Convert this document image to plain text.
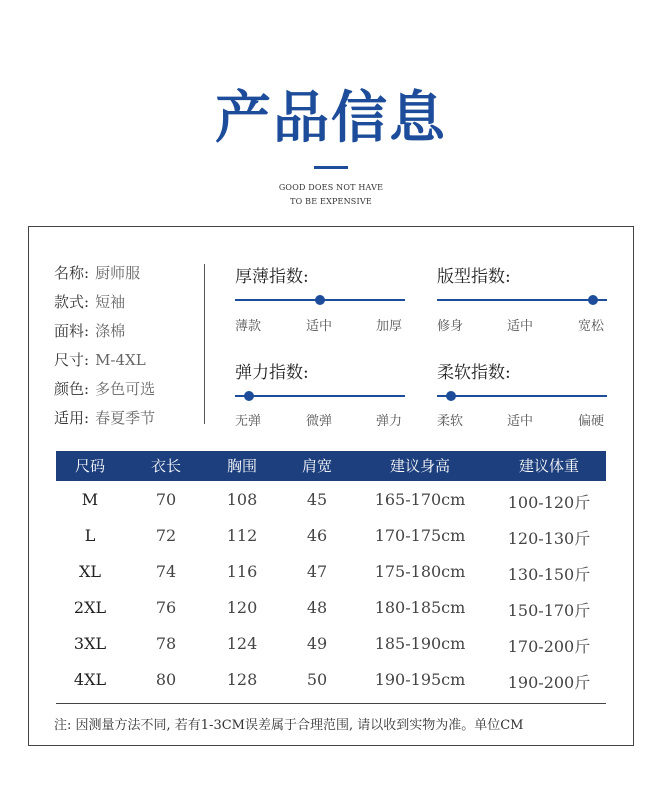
产品信息
GOOD DOES NOT HAVE
TO BE EXPENSIVE
名称: 厨师服
款式: 短袖
面料: 涤棉
尺寸: M-4XL
颜色: 多色可选
适用: 春夏季节
厚薄指数:
薄款	适中	加厚
版型指数:
修身	适中	宽松
弹力指数:
无弹	微弹	弹力
柔软指数:
柔软	适中	偏硬
尺码	衣长	胸围	肩宽	建议身高	建议体重
M	70	108	45	165-170cm	100-120斤
L	72	112	46	170-175cm	120-130斤
XL	74	116	47	175-180cm	130-150斤
2XL	76	120	48	180-185cm	150-170斤
3XL	78	124	49	185-190cm	170-200斤
4XL	80	128	50	190-195cm	190-200斤
注: 因测量方法不同, 若有1-3CM误差属于合理范围, 请以收到实物为准。单位CM
